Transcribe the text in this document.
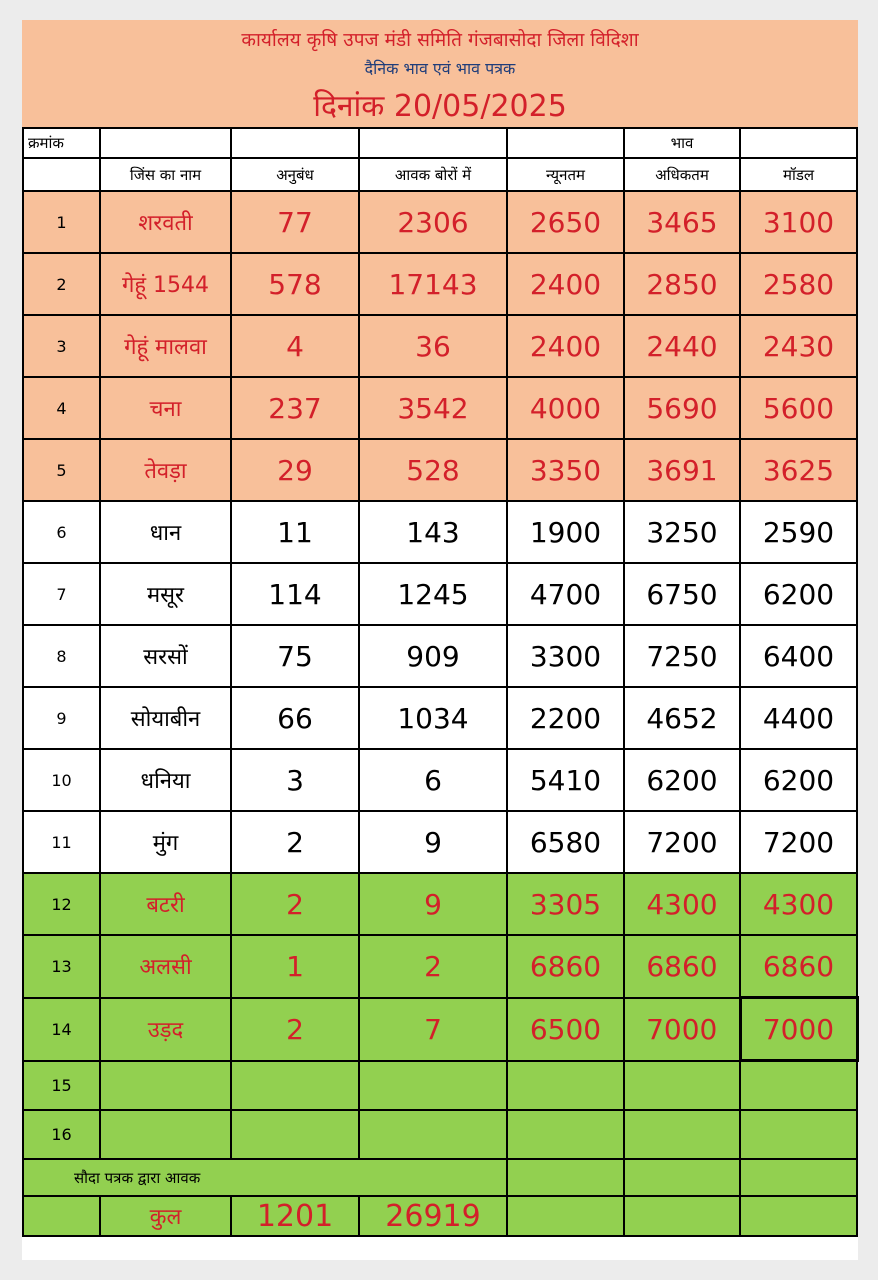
कार्यालय कृषि उपज मंडी समिति गंजबासोदा जिला विदिशा
दैनिक भाव एवं भाव पत्रक
दिनांक 20/05/2025
क्रमांक					भाव	
	जिंस का नाम	अनुबंध	आवक बोरों में	न्यूनतम	अधिकतम	मॉडल
1	शरवती	77	2306	2650	3465	3100
2	गेहूं 1544	578	17143	2400	2850	2580
3	गेहूं मालवा	4	36	2400	2440	2430
4	चना	237	3542	4000	5690	5600
5	तेवड़ा	29	528	3350	3691	3625
6	धान	11	143	1900	3250	2590
7	मसूर	114	1245	4700	6750	6200
8	सरसों	75	909	3300	7250	6400
9	सोयाबीन	66	1034	2200	4652	4400
10	धनिया	3	6	5410	6200	6200
11	मुंग	2	9	6580	7200	7200
12	बटरी	2	9	3305	4300	4300
13	अलसी	1	2	6860	6860	6860
14	उड़द	2	7	6500	7000	7000
15						
16						
सौदा पत्रक द्वारा आवक						
	कुल	1201	26919			
